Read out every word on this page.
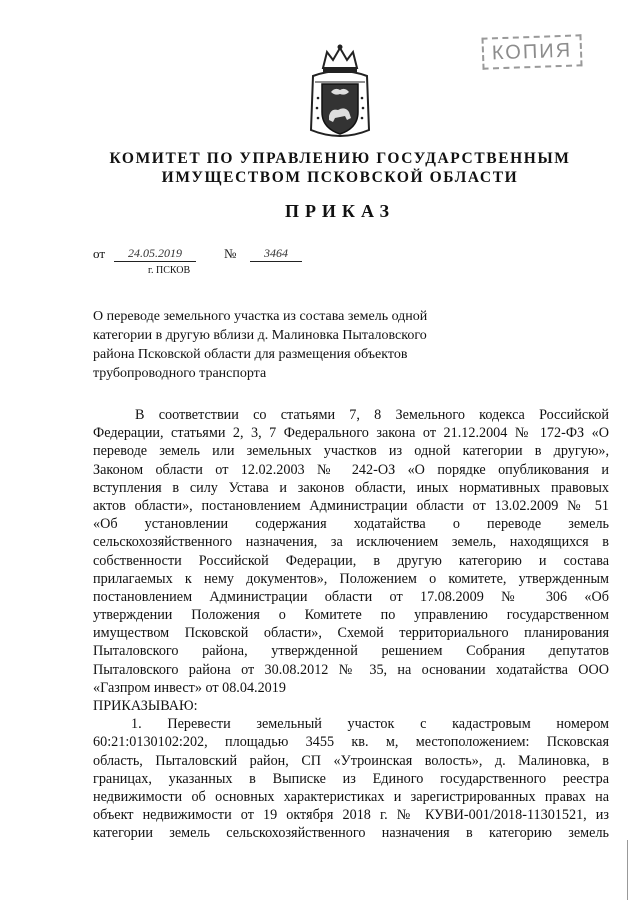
КОПИЯ
КОМИТЕТ ПО УПРАВЛЕНИЮ ГОСУДАРСТВЕННЫМ
ИМУЩЕСТВОМ ПСКОВСКОЙ ОБЛАСТИ
ПРИКАЗ
от	24.05.2019	№	3464
г. ПСКОВ
О переводе земельного участка из состава земель одной
категории в другую вблизи д. Малиновка Пыталовского
района Псковской области для размещения объектов
трубопроводного транспорта
В соответствии со статьями 7, 8 Земельного кодекса Российской
Федерации, статьями 2, 3, 7 Федерального закона от 21.12.2004 № 172-ФЗ «О
переводе земель или земельных участков из одной категории в другую»,
Законом области от 12.02.2003 № 242-ОЗ «О порядке опубликования и
вступления в силу Устава и законов области, иных нормативных правовых
актов области», постановлением Администрации области от 13.02.2009 № 51
«Об установлении содержания ходатайства о переводе земель
сельскохозяйственного назначения, за исключением земель, находящихся в
собственности Российской Федерации, в другую категорию и состава
прилагаемых к нему документов», Положением о комитете, утвержденным
постановлением Администрации области от 17.08.2009 № 306 «Об
утверждении Положения о Комитете по управлению государственном
имуществом Псковской области», Схемой территориального планирования
Пыталовского района, утвержденной решением Собрания депутатов
Пыталовского района от 30.08.2012 № 35, на основании ходатайства ООО
«Газпром инвест» от 08.04.2019
ПРИКАЗЫВАЮ:
1. Перевести земельный участок с кадастровым номером
60:21:0130102:202, площадью 3455 кв. м, местоположением: Псковская
область, Пыталовский район, СП «Утроинская волость», д. Малиновка, в
границах, указанных в Выписке из Единого государственного реестра
недвижимости об основных характеристиках и зарегистрированных правах на
объект недвижимости от 19 октября 2018 г. № КУВИ-001/2018-11301521, из
категории земель сельскохозяйственного назначения в категорию земель
